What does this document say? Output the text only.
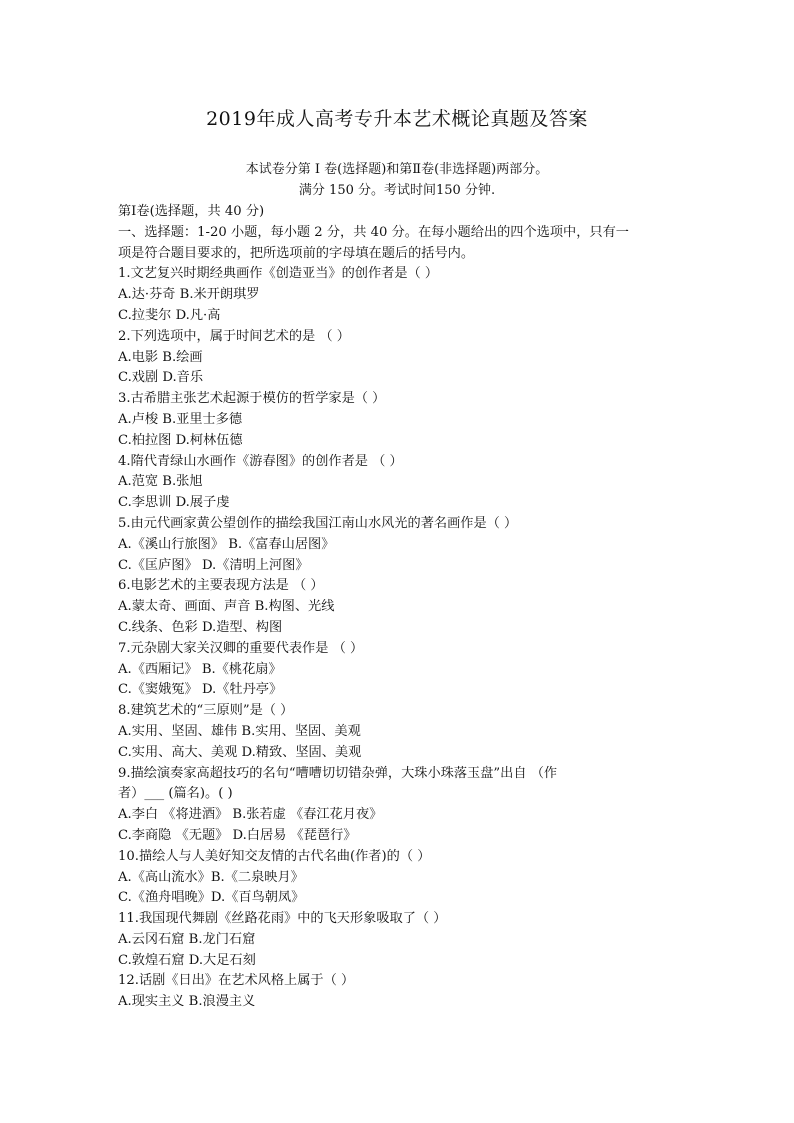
2019年成人高考专升本艺术概论真题及答案
本试卷分第 I 卷(选择题)和第Ⅱ卷(非选择题)两部分。
满分 150 分。考试时间150 分钟.
第Ⅰ卷(选择题，共 40 分)
一、选择题：1-20 小题，每小题 2 分，共 40 分。在每小题给出的四个选项中，只有一
项是符合题目要求的，把所选项前的字母填在题后的括号内。
1.文艺复兴时期经典画作《创造亚当》的创作者是（ ）
A.达·芬奇 B.米开朗琪罗
C.拉斐尔 D.凡·高
2.下列选项中，属于时间艺术的是 （ ）
A.电影 B.绘画
C.戏剧 D.音乐
3.古希腊主张艺术起源于模仿的哲学家是（ ）
A.卢梭 B.亚里士多德
C.柏拉图 D.柯林伍德
4.隋代青绿山水画作《游春图》的创作者是 （ ）
A.范宽 B.张旭
C.李思训 D.展子虔
5.由元代画家黄公望创作的描绘我国江南山水风光的著名画作是（ ）
A.《溪山行旅图》 B.《富春山居图》
C.《匡庐图》 D.《清明上河图》
6.电影艺术的主要表现方法是 （ ）
A.蒙太奇、画面、声音 B.构图、光线
C.线条、色彩 D.造型、构图
7.元杂剧大家关汉卿的重要代表作是 （ ）
A.《西厢记》 B.《桃花扇》
C.《窦娥冤》 D.《牡丹亭》
8.建筑艺术的“三原则”是（ ）
A.实用、坚固、雄伟 B.实用、坚固、美观
C.实用、高大、美观 D.精致、坚固、美观
9.描绘演奏家高超技巧的名句“嘈嘈切切错杂弹，大珠小珠落玉盘”出自 （作
者）___ (篇名)。( )
A.李白 《将进酒》 B.张若虚 《春江花月夜》
C.李商隐 《无题》 D.白居易 《琵琶行》
10.描绘人与人美好知交友情的古代名曲(作者)的（ ）
A.《高山流水》B.《二泉映月》
C.《渔舟唱晚》D.《百鸟朝凤》
11.我国现代舞剧《丝路花雨》中的飞天形象吸取了（ ）
A.云冈石窟 B.龙门石窟
C.敦煌石窟 D.大足石刻
12.话剧《日出》在艺术风格上属于（ ）
A.现实主义 B.浪漫主义
